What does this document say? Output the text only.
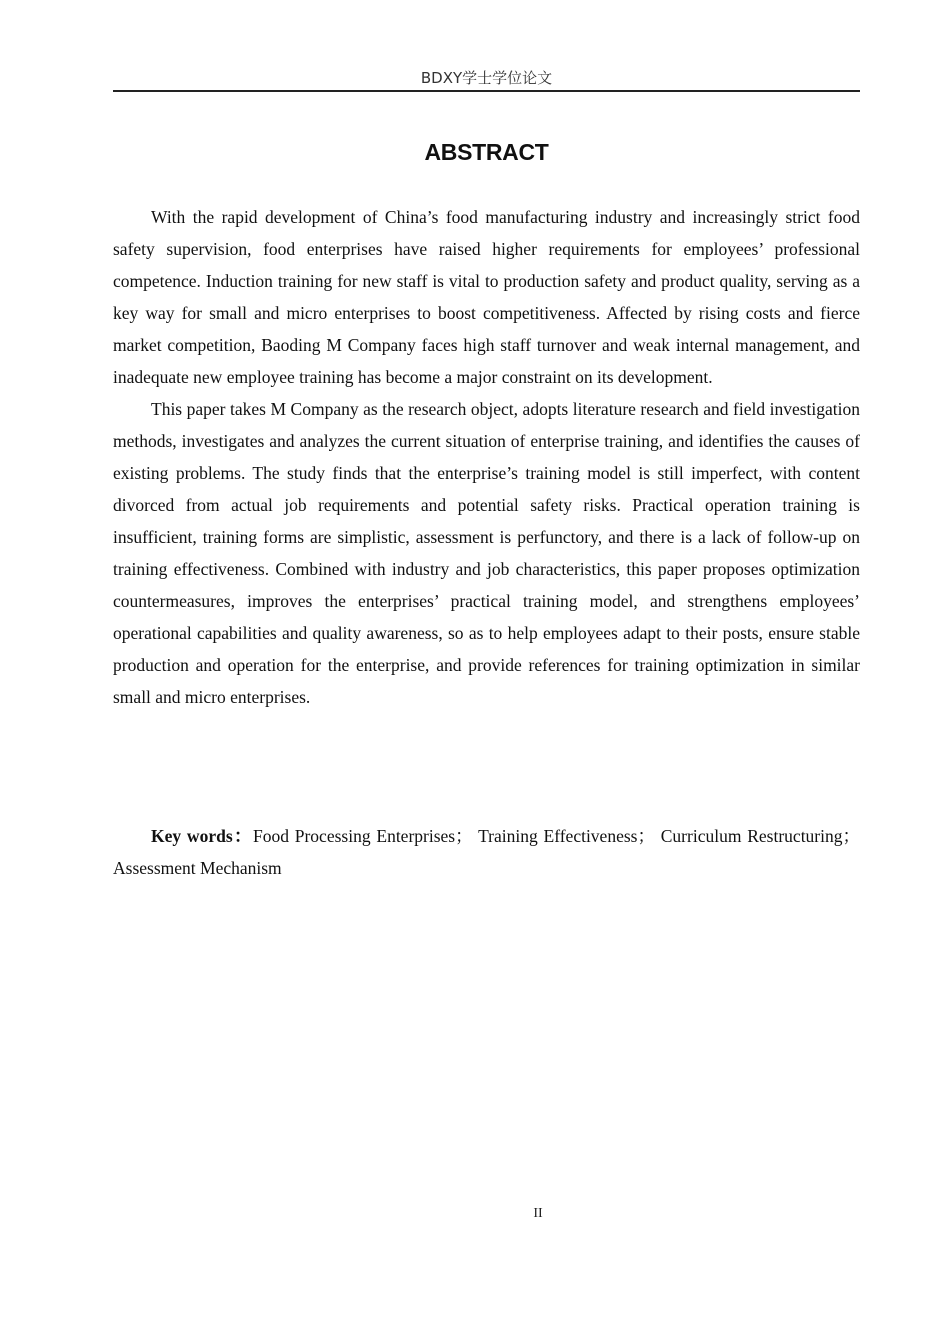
BDXY学士学位论文
ABSTRACT

With the rapid development of China’s food manufacturing industry and increasingly strict food safety supervision, food enterprises have raised higher requirements for employees’ professional competence. Induction training for new staff is vital to production safety and product quality, serving as a key way for small and micro enterprises to boost competitiveness. Affected by rising costs and fierce market competition, Baoding M Company faces high staff turnover and weak internal management, and inadequate new employee training has become a major constraint on its development.

This paper takes M Company as the research object, adopts literature research and field investigation methods, investigates and analyzes the current situation of enterprise training, and identifies the causes of existing problems. The study finds that the enterprise’s training model is still imperfect, with content divorced from actual job requirements and potential safety risks. Practical operation training is insufficient, training forms are simplistic, assessment is perfunctory, and there is a lack of follow-up on training effectiveness. Combined with industry and job characteristics, this paper proposes optimization countermeasures, improves the enterprises’ practical training model, and strengthens employees’ operational capabilities and quality awareness, so as to help employees adapt to their posts, ensure stable production and operation for the enterprise, and provide references for training optimization in similar small and micro enterprises.

Key words：Food Processing Enterprises； Training Effectiveness； Curriculum Restructuring；Assessment Mechanism

II
